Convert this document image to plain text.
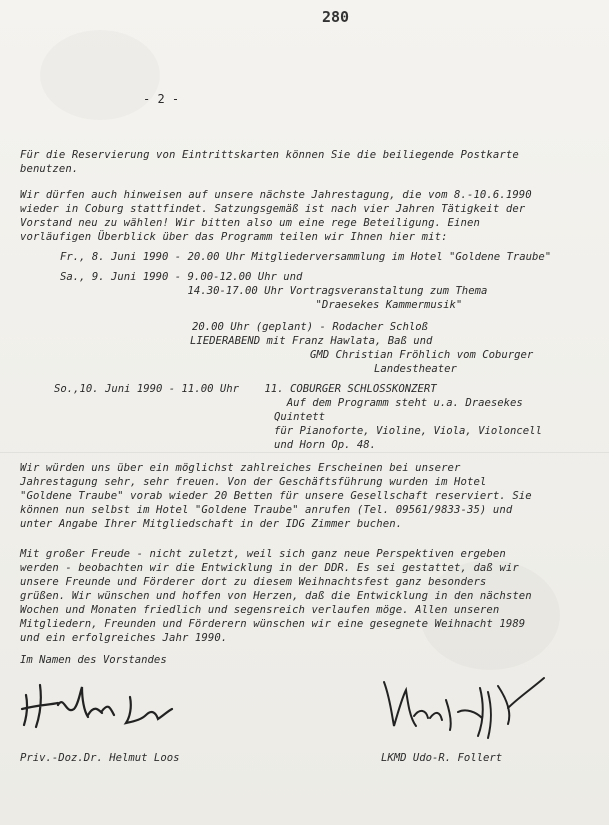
280
- 2 -
Für die Reservierung von Eintrittskarten können Sie die beiliegende Postkarte
benutzen.
Wir dürfen auch hinweisen auf unsere nächste Jahrestagung, die vom 8.-10.6.1990
wieder in Coburg stattfindet. Satzungsgemäß ist nach vier Jahren Tätigkeit der
Vorstand neu zu wählen! Wir bitten also um eine rege Beteiligung. Einen
vorläufigen Überblick über das Programm teilen wir Ihnen hier mit:
Fr., 8. Juni 1990 - 20.00 Uhr Mitgliederversammlung im Hotel "Goldene Traube"
Sa., 9. Juni 1990 - 9.00-12.00 Uhr und
14.30-17.00 Uhr Vortragsveranstaltung zum Thema
"Draesekes Kammermusik"
20.00 Uhr (geplant) - Rodacher Schloß
LIEDERABEND mit Franz Hawlata, Baß und
GMD Christian Fröhlich vom Coburger
Landestheater
So.,10. Juni 1990 - 11.00 Uhr    11. COBURGER SCHLOSSKONZERT
Auf dem Programm steht u.a. Draesekes
Quintett
für Pianoforte, Violine, Viola, Violoncell
und Horn Op. 48.
Wir würden uns über ein möglichst zahlreiches Erscheinen bei unserer
Jahrestagung sehr, sehr freuen. Von der Geschäftsführung wurden im Hotel
"Goldene Traube" vorab wieder 20 Betten für unsere Gesellschaft reserviert. Sie
können nun selbst im Hotel "Goldene Traube" anrufen (Tel. 09561/9833-35) und
unter Angabe Ihrer Mitgliedschaft in der IDG Zimmer buchen.
Mit großer Freude - nicht zuletzt, weil sich ganz neue Perspektiven ergeben
werden - beobachten wir die Entwicklung in der DDR. Es sei gestattet, daß wir
unsere Freunde und Förderer dort zu diesem Weihnachtsfest ganz besonders
grüßen. Wir wünschen und hoffen von Herzen, daß die Entwicklung in den nächsten
Wochen und Monaten friedlich und segensreich verlaufen möge. Allen unseren
Mitgliedern, Freunden und Förderern wünschen wir eine gesegnete Weihnacht 1989
und ein erfolgreiches Jahr 1990.
Im Namen des Vorstandes
Priv.-Doz.Dr. Helmut Loos	LKMD Udo-R. Follert
